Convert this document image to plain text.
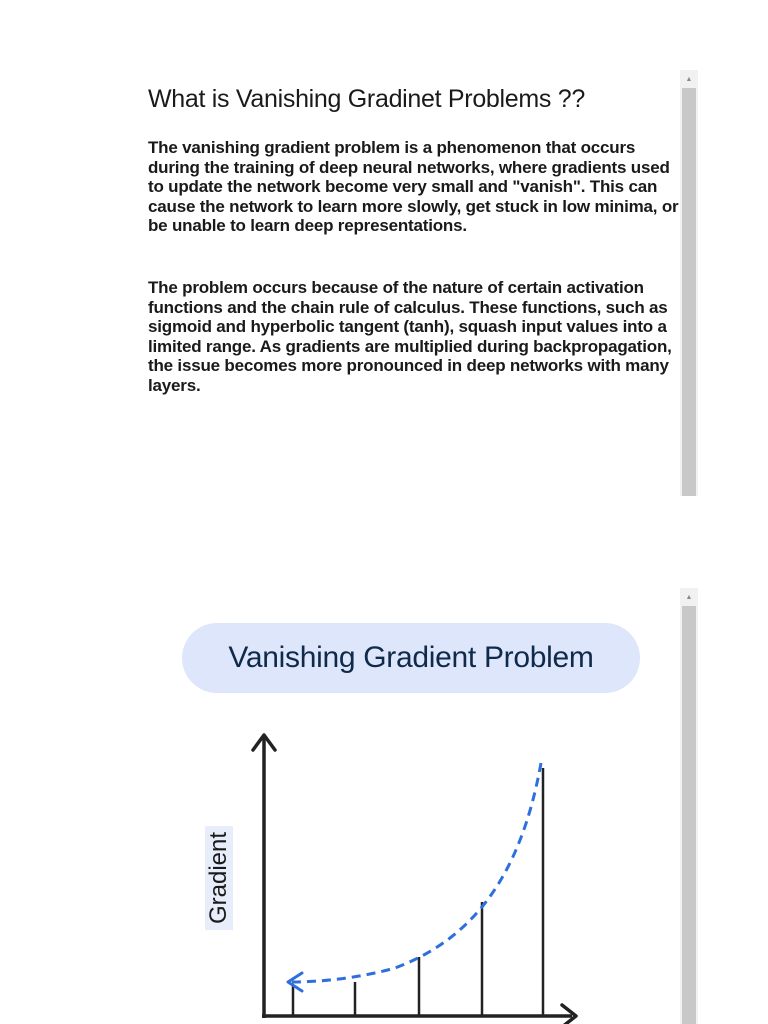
What is Vanishing Gradinet Problems ??

The vanishing gradient problem is a phenomenon that occurs during the training of deep neural networks, where gradients used to update the network become very small and "vanish". This can cause the network to learn more slowly, get stuck in low minima, or be unable to learn deep representations.

The problem occurs because of the nature of certain activation functions and the chain rule of calculus. These functions, such as sigmoid and hyperbolic tangent (tanh), squash input values into a limited range. As gradients are multiplied during backpropagation, the issue becomes more pronounced in deep networks with many layers.

▲
Vanishing Gradient Problem
Gradient
▲
